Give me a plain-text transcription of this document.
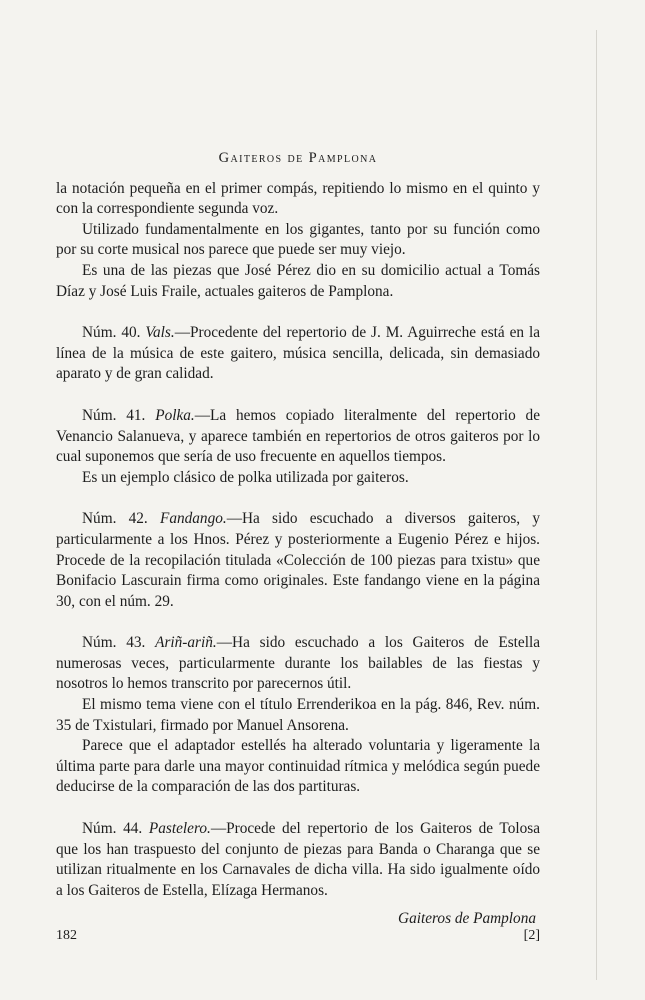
Gaiteros de Pamplona

la notación pequeña en el primer compás, repitiendo lo mismo en el quinto y con la correspondiente segunda voz.

Utilizado fundamentalmente en los gigantes, tanto por su función como por su corte musical nos parece que puede ser muy viejo.

Es una de las piezas que José Pérez dio en su domicilio actual a Tomás Díaz y José Luis Fraile, actuales gaiteros de Pamplona.

Núm. 40. Vals.—Procedente del repertorio de J. M. Aguirreche está en la línea de la música de este gaitero, música sencilla, delicada, sin demasiado aparato y de gran calidad.

Núm. 41. Polka.—La hemos copiado literalmente del repertorio de Venancio Salanueva, y aparece también en repertorios de otros gaiteros por lo cual suponemos que sería de uso frecuente en aquellos tiempos.

Es un ejemplo clásico de polka utilizada por gaiteros.

Núm. 42. Fandango.—Ha sido escuchado a diversos gaiteros, y particularmente a los Hnos. Pérez y posteriormente a Eugenio Pérez e hijos. Procede de la recopilación titulada «Colección de 100 piezas para txistu» que Bonifacio Lascurain firma como originales. Este fandango viene en la página 30, con el núm. 29.

Núm. 43. Ariñ-ariñ.—Ha sido escuchado a los Gaiteros de Estella numerosas veces, particularmente durante los bailables de las fiestas y nosotros lo hemos transcrito por parecernos útil.

El mismo tema viene con el título Errenderikoa en la pág. 846, Rev. núm. 35 de Txistulari, firmado por Manuel Ansorena.

Parece que el adaptador estellés ha alterado voluntaria y ligeramente la última parte para darle una mayor continuidad rítmica y melódica según puede deducirse de la comparación de las dos partituras.

Núm. 44. Pastelero.—Procede del repertorio de los Gaiteros de Tolosa que los han traspuesto del conjunto de piezas para Banda o Charanga que se utilizan ritualmente en los Carnavales de dicha villa. Ha sido igualmente oído a los Gaiteros de Estella, Elízaga Hermanos.

Gaiteros de Pamplona
182	[2]
